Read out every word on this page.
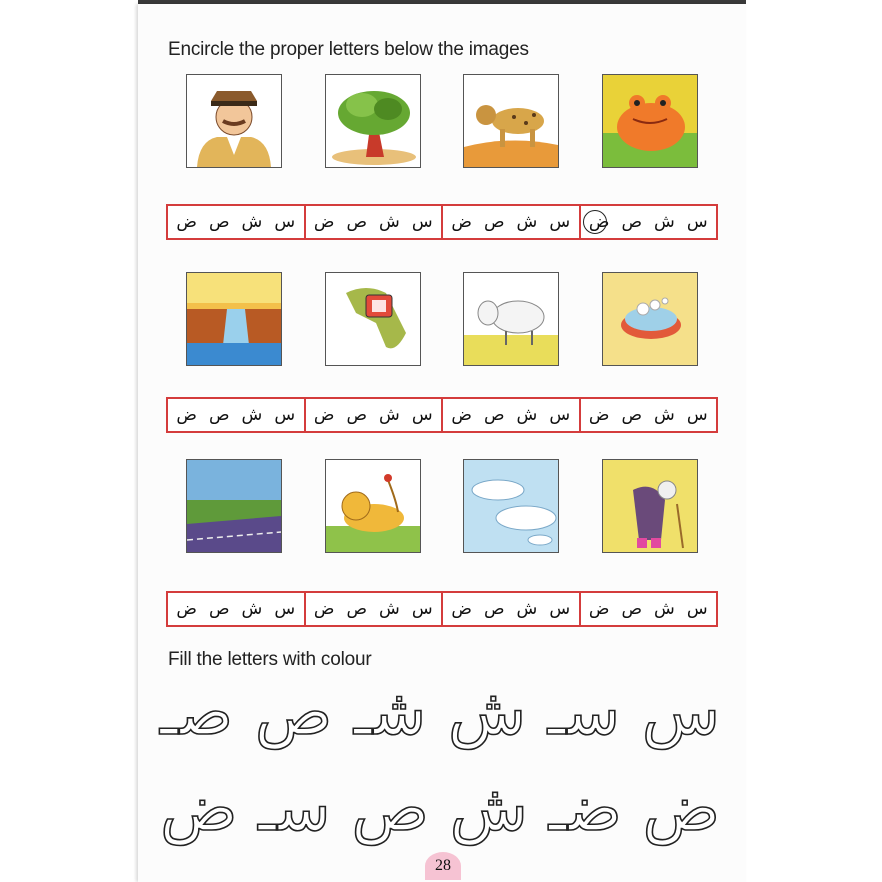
Encircle the proper letters below the images
س
ش
ص
ض	س
ش
ص
ض	س
ش
ص
ض	س
ش
ص
ض
س
ش
ص
ض	س
ش
ص
ض	س
ش
ص
ض	س
ش
ص
ض
س
ش
ص
ض	س
ش
ص
ض	س
ش
ص
ض	س
ش
ص
ض
Fill the letters with colour
س
سـ
ش
شـ
ص
صـ
ض
ضـ
ش
ص
سـ
ض
28
